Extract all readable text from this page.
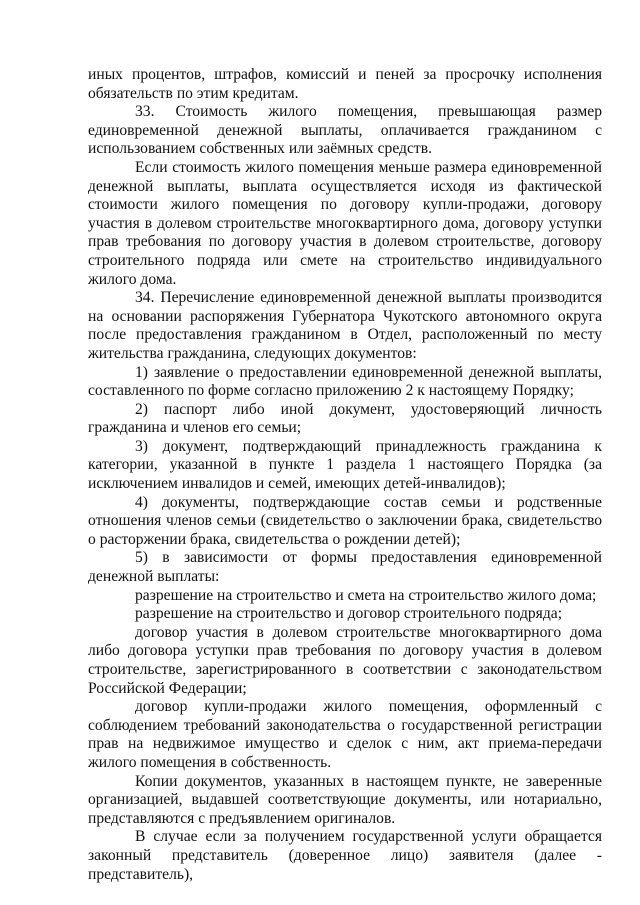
иных процентов, штрафов, комиссий и пеней за просрочку исполнения обязательств по этим кредитам.

33. Стоимость жилого помещения, превышающая размер единовременной денежной выплаты, оплачивается гражданином с использованием собственных или заёмных средств.

Если стоимость жилого помещения меньше размера единовременной денежной выплаты, выплата осуществляется исходя из фактической стоимости жилого помещения по договору купли-продажи, договору участия в долевом строительстве многоквартирного дома, договору уступки прав требования по договору участия в долевом строительстве, договору строительного подряда или смете на строительство индивидуального жилого дома.

34. Перечисление единовременной денежной выплаты производится на основании распоряжения Губернатора Чукотского автономного округа после предоставления гражданином в Отдел, расположенный по месту жительства гражданина, следующих документов:

1) заявление о предоставлении единовременной денежной выплаты, составленного по форме согласно приложению 2 к настоящему Порядку;

2) паспорт либо иной документ, удостоверяющий личность гражданина и членов его семьи;

3) документ, подтверждающий принадлежность гражданина к категории, указанной в пункте 1 раздела 1 настоящего Порядка (за исключением инвалидов и семей, имеющих детей-инвалидов);

4) документы, подтверждающие состав семьи и родственные отношения членов семьи (свидетельство о заключении брака, свидетельство о расторжении брака, свидетельства о рождении детей);

5) в зависимости от формы предоставления единовременной денежной выплаты:

разрешение на строительство и смета на строительство жилого дома;

разрешение на строительство и договор строительного подряда;

договор участия в долевом строительстве многоквартирного дома либо договора уступки прав требования по договору участия в долевом строительстве, зарегистрированного в соответствии с законодательством Российской Федерации;

договор купли-продажи жилого помещения, оформленный с соблюдением требований законодательства о государственной регистрации прав на недвижимое имущество и сделок с ним, акт приема-передачи жилого помещения в собственность.

Копии документов, указанных в настоящем пункте, не заверенные организацией, выдавшей соответствующие документы, или нотариально, представляются с предъявлением оригиналов.

В случае если за получением государственной услуги обращается законный представитель (доверенное лицо) заявителя (далее - представитель),
